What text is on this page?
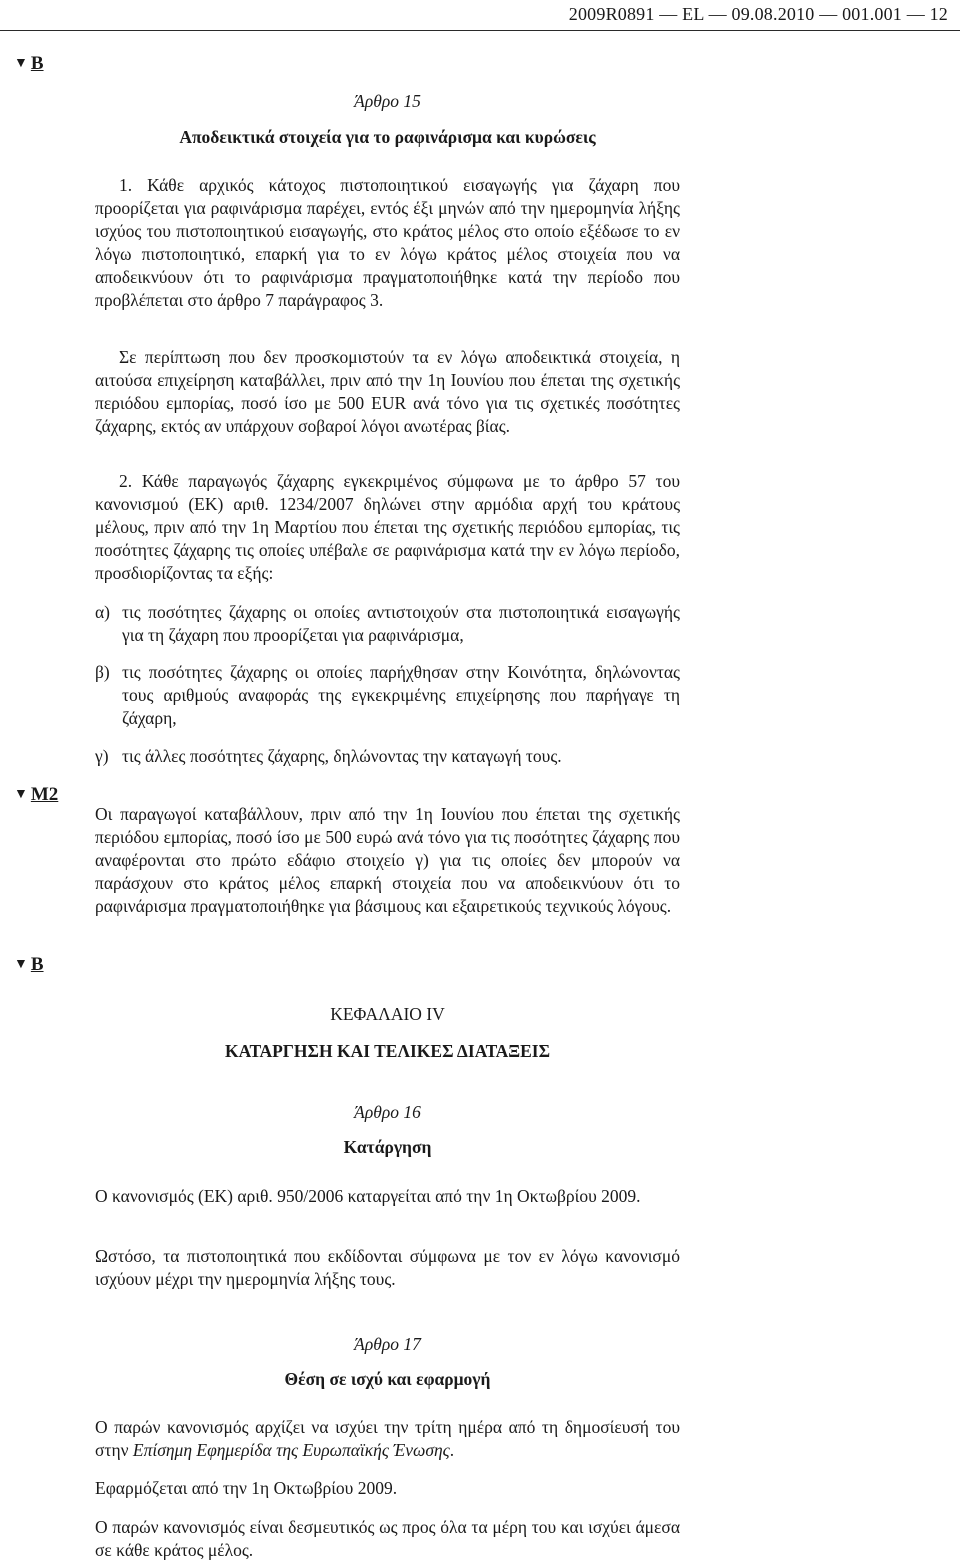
2009R0891 — EL — 09.08.2010 — 001.001 — 12
▼ B
Άρθρο 15
Αποδεικτικά στοιχεία για το ραφινάρισμα και κυρώσεις

1. Κάθε αρχικός κάτοχος πιστοποιητικού εισαγωγής για ζάχαρη που προορίζεται για ραφινάρισμα παρέχει, εντός έξι μηνών από την ημερομηνία λήξης ισχύος του πιστοποιητικού εισαγωγής, στο κράτος μέλος στο οποίο εξέδωσε το εν λόγω πιστοποιητικό, επαρκή για το εν λόγω κράτος μέλος στοιχεία που να αποδεικνύουν ότι το ραφινάρισμα πραγματοποιήθηκε κατά την περίοδο που προβλέπεται στο άρθρο 7 παράγραφος 3.

Σε περίπτωση που δεν προσκομιστούν τα εν λόγω αποδεικτικά στοιχεία, η αιτούσα επιχείρηση καταβάλλει, πριν από την 1η Ιουνίου που έπεται της σχετικής περιόδου εμπορίας, ποσό ίσο με 500 EUR ανά τόνο για τις σχετικές ποσότητες ζάχαρης, εκτός αν υπάρχουν σοβαροί λόγοι ανωτέρας βίας.

2. Κάθε παραγωγός ζάχαρης εγκεκριμένος σύμφωνα με το άρθρο 57 του κανονισμού (ΕΚ) αριθ. 1234/2007 δηλώνει στην αρμόδια αρχή του κράτους μέλους, πριν από την 1η Μαρτίου που έπεται της σχετικής περιόδου εμπορίας, τις ποσότητες ζάχαρης τις οποίες υπέβαλε σε ραφινάρισμα κατά την εν λόγω περίοδο, προσδιορίζοντας τα εξής:

α) τις ποσότητες ζάχαρης οι οποίες αντιστοιχούν στα πιστοποιητικά εισαγωγής για τη ζάχαρη που προορίζεται για ραφινάρισμα,

β) τις ποσότητες ζάχαρης οι οποίες παρήχθησαν στην Κοινότητα, δηλώνοντας τους αριθμούς αναφοράς της εγκεκριμένης επιχείρησης που παρήγαγε τη ζάχαρη,

γ) τις άλλες ποσότητες ζάχαρης, δηλώνοντας την καταγωγή τους.

▼ M2

Οι παραγωγοί καταβάλλουν, πριν από την 1η Ιουνίου που έπεται της σχετικής περιόδου εμπορίας, ποσό ίσο με 500 ευρώ ανά τόνο για τις ποσότητες ζάχαρης που αναφέρονται στο πρώτο εδάφιο στοιχείο γ) για τις οποίες δεν μπορούν να παράσχουν στο κράτος μέλος επαρκή στοιχεία που να αποδεικνύουν ότι το ραφινάρισμα πραγματοποιήθηκε για βάσιμους και εξαιρετικούς τεχνικούς λόγους.

▼ B
ΚΕΦΑΛΑΙΟ IV
ΚΑΤΑΡΓΗΣΗ ΚΑΙ ΤΕΛΙΚΕΣ ΔΙΑΤΑΞΕΙΣ
Άρθρο 16
Κατάργηση

Ο κανονισμός (ΕΚ) αριθ. 950/2006 καταργείται από την 1η Οκτωβρίου 2009.

Ωστόσο, τα πιστοποιητικά που εκδίδονται σύμφωνα με τον εν λόγω κανονισμό ισχύουν μέχρι την ημερομηνία λήξης τους.

Άρθρο 17
Θέση σε ισχύ και εφαρμογή

Ο παρών κανονισμός αρχίζει να ισχύει την τρίτη ημέρα από τη δημοσίευσή του στην Επίσημη Εφημερίδα της Ευρωπαϊκής Ένωσης.

Εφαρμόζεται από την 1η Οκτωβρίου 2009.

Ο παρών κανονισμός είναι δεσμευτικός ως προς όλα τα μέρη του και ισχύει άμεσα σε κάθε κράτος μέλος.
